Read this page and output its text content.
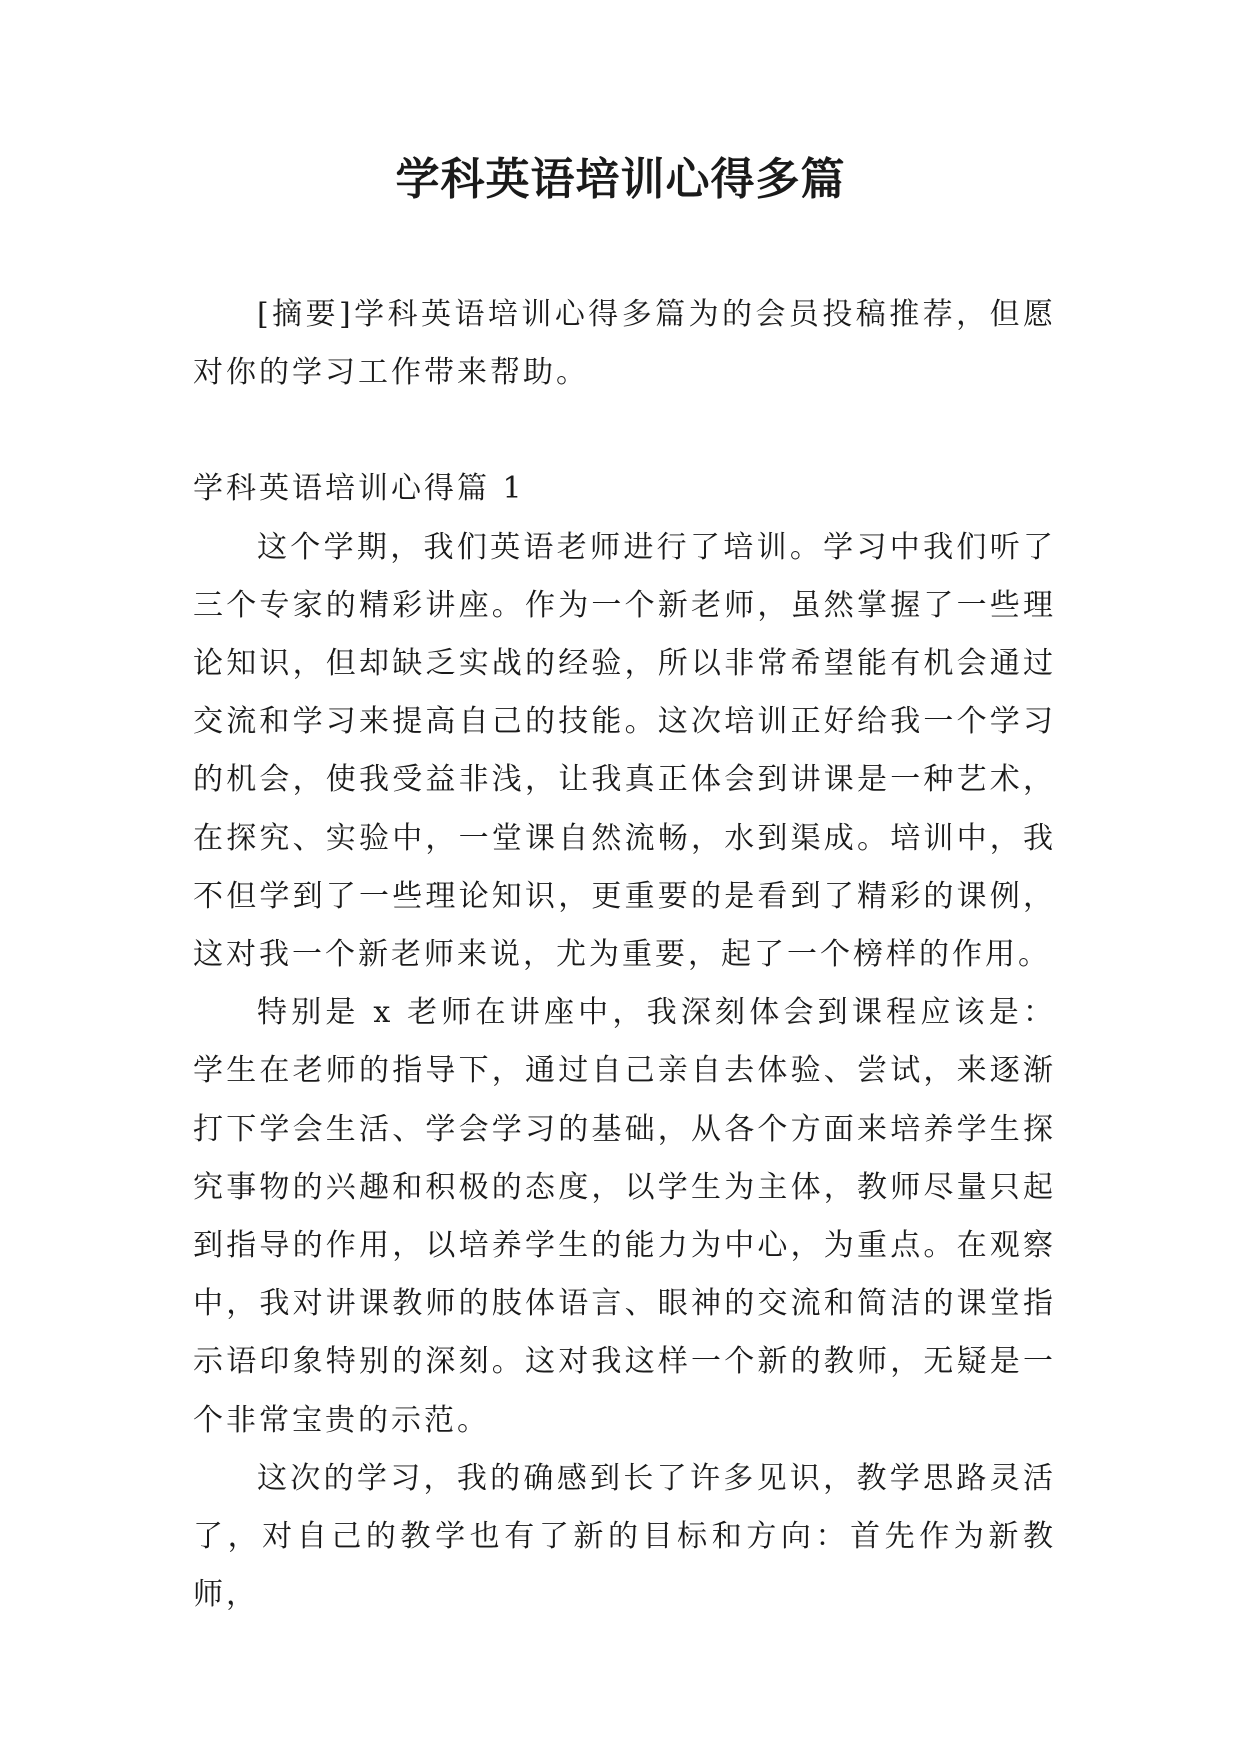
学科英语培训心得多篇

[摘要]学科英语培训心得多篇为的会员投稿推荐，但愿对你的学习工作带来帮助。

学科英语培训心得篇 1

这个学期，我们英语老师进行了培训。学习中我们听了三个专家的精彩讲座。作为一个新老师，虽然掌握了一些理论知识，但却缺乏实战的经验，所以非常希望能有机会通过交流和学习来提高自己的技能。这次培训正好给我一个学习的机会，使我受益非浅，让我真正体会到讲课是一种艺术，在探究、实验中，一堂课自然流畅，水到渠成。培训中，我不但学到了一些理论知识，更重要的是看到了精彩的课例，这对我一个新老师来说，尤为重要，起了一个榜样的作用。

特别是 x 老师在讲座中，我深刻体会到课程应该是：学生在老师的指导下，通过自己亲自去体验、尝试，来逐渐打下学会生活、学会学习的基础，从各个方面来培养学生探究事物的兴趣和积极的态度，以学生为主体，教师尽量只起到指导的作用，以培养学生的能力为中心，为重点。在观察中，我对讲课教师的肢体语言、眼神的交流和简洁的课堂指示语印象特别的深刻。这对我这样一个新的教师，无疑是一个非常宝贵的示范。

这次的学习，我的确感到长了许多见识，教学思路灵活了，对自己的教学也有了新的目标和方向：首先作为新教师，
